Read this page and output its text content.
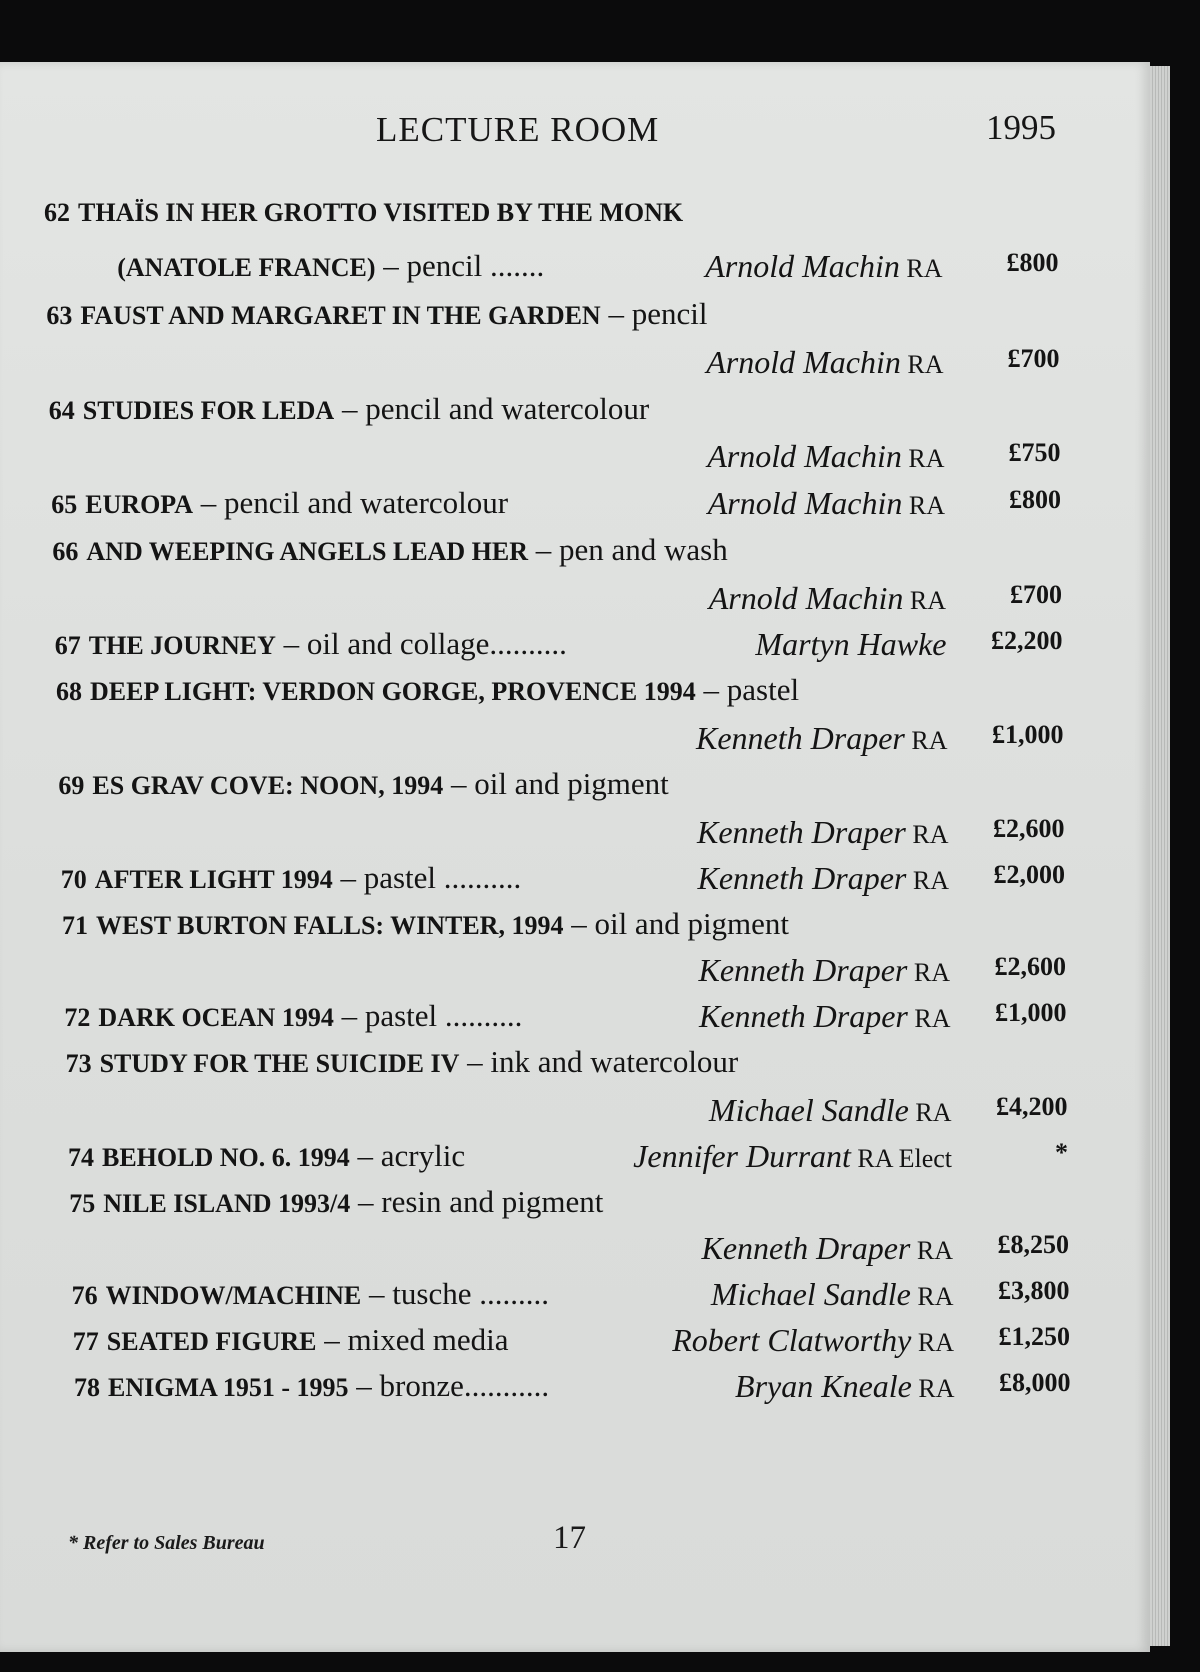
LECTURE ROOM	1995
62 THAÏS IN HER GROTTO VISITED BY THE MONK
(ANATOLE FRANCE) – pencil .......	Arnold Machin RA	£800
63 FAUST AND MARGARET IN THE GARDEN – pencil
Arnold Machin RA	£700
64 STUDIES FOR LEDA – pencil and watercolour
Arnold Machin RA	£750
65 EUROPA – pencil and watercolour	Arnold Machin RA	£800
66 AND WEEPING ANGELS LEAD HER – pen and wash
Arnold Machin RA	£700
67 THE JOURNEY – oil and collage..........	Martyn Hawke	£2,200
68 DEEP LIGHT: VERDON GORGE, PROVENCE 1994 – pastel
Kenneth Draper RA	£1,000
69 ES GRAV COVE: NOON, 1994 – oil and pigment
Kenneth Draper RA	£2,600
70 AFTER LIGHT 1994 – pastel ..........	Kenneth Draper RA	£2,000
71 WEST BURTON FALLS: WINTER, 1994 – oil and pigment
Kenneth Draper RA	£2,600
72 DARK OCEAN 1994 – pastel ..........	Kenneth Draper RA	£1,000
73 STUDY FOR THE SUICIDE IV – ink and watercolour
Michael Sandle RA	£4,200
74 BEHOLD NO. 6. 1994 – acrylic	Jennifer Durrant RA Elect	*
75 NILE ISLAND 1993/4 – resin and pigment
Kenneth Draper RA	£8,250
76 WINDOW/MACHINE – tusche .........	Michael Sandle RA	£3,800
77 SEATED FIGURE – mixed media	Robert Clatworthy RA	£1,250
78 ENIGMA 1951 - 1995 – bronze...........	Bryan Kneale RA	£8,000
* Refer to Sales Bureau	17
